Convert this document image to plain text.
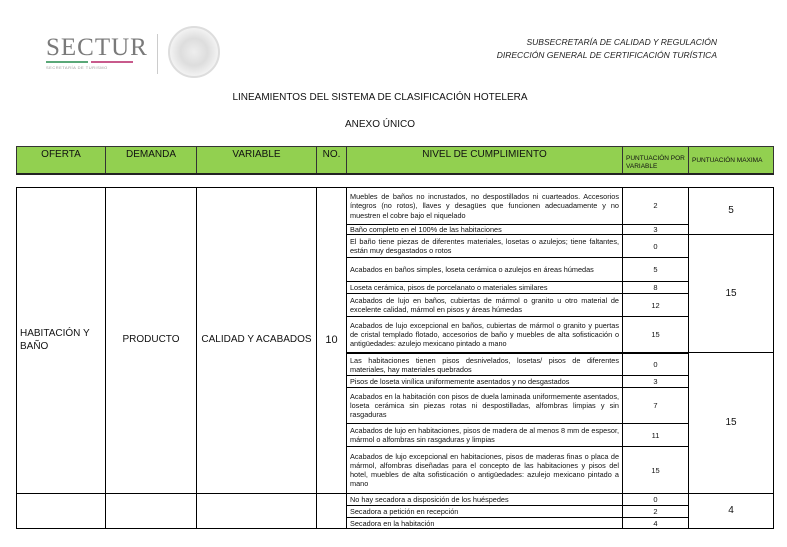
SECTUR
SECRETARÍA DE TURISMO
SUBSECRETARÍA DE CALIDAD Y REGULACIÓN
DIRECCIÓN GENERAL DE CERTIFICACIÓN TURÍSTICA
LINEAMIENTOS DEL SISTEMA DE CLASIFICACIÓN HOTELERA
ANEXO ÚNICO
OFERTA	DEMANDA	VARIABLE	NO.	NIVEL DE CUMPLIMIENTO	PUNTUACIÓN POR VARIABLE	PUNTUACIÓN MAXIMA
HABITACIÓN Y BAÑO	PRODUCTO	CALIDAD Y ACABADOS	10	Muebles de baños no incrustados, no despostillados ni cuarteados. Accesorios íntegros (no rotos), llaves y desagües que funcionen adecuadamente y no muestren el cobre bajo el niquelado	2	5
				Baño completo en el 100% de las habitaciones	3	
				El baño tiene piezas de diferentes materiales, losetas o azulejos; tiene faltantes, están muy desgastados o rotos	0	15
				Acabados en baños simples, loseta cerámica o azulejos en áreas húmedas	5	
				Loseta cerámica, pisos de porcelanato o materiales similares	8	
				Acabados de lujo en baños, cubiertas de mármol o granito u otro material de excelente calidad, mármol en pisos y áreas húmedas	12	
				Acabados de lujo excepcional en baños, cubiertas de mármol o granito y puertas de cristal templado flotado, accesorios de baño y muebles de alta sofisticación o antigüedades: azulejo mexicano pintado a mano	15	
				Las habitaciones tienen pisos desnivelados, losetas/ pisos de diferentes materiales, hay materiales quebrados	0	15
				Pisos de loseta vinílica uniformemente asentados y no desgastados	3	
				Acabados en la habitación con pisos de duela laminada uniformemente asentados, loseta cerámica sin piezas rotas ni despostilladas, alfombras limpias y sin rasgaduras	7	
				Acabados de lujo en habitaciones, pisos de madera de al menos 8 mm de espesor, mármol o alfombras sin rasgaduras y limpias	11	
				Acabados de lujo excepcional en habitaciones, pisos de maderas finas o placa de mármol, alfombras diseñadas para el concepto de las habitaciones y pisos del hotel, muebles de alta sofisticación o antigüedades: azulejo mexicano pintado a mano	15	
				No hay secadora a disposición de los huéspedes	0	4
				Secadora a petición en recepción	2	
				Secadora en la habitación	4	
